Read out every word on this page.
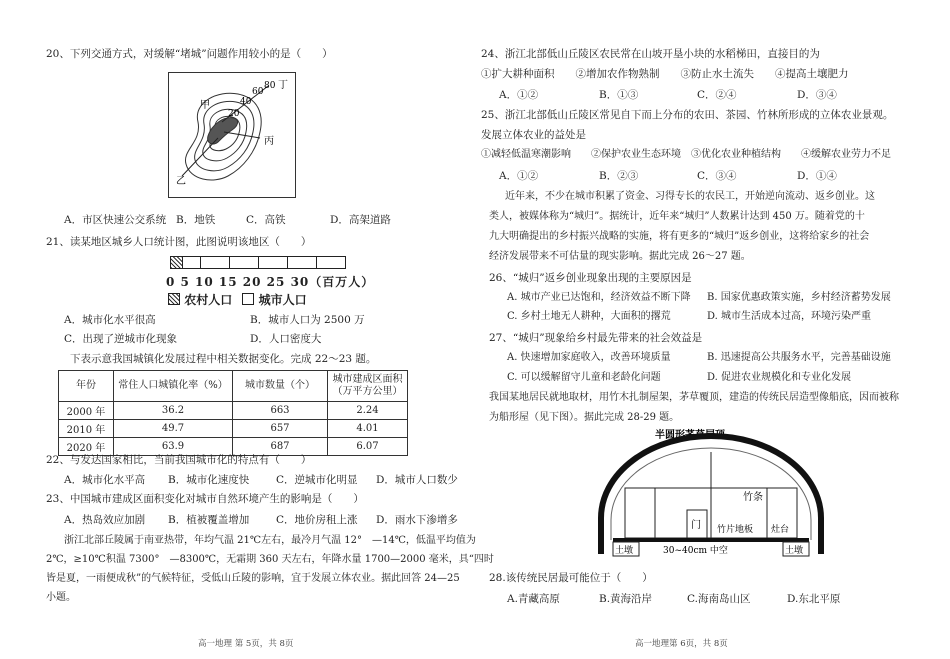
20、下列交通方式，对缓解“堵城”问题作用较小的是（　　）
甲
乙
丙
丁
20
40
60
80
A．市区快速公交系统 B．地铁	C．高铁	D．高架道路
21、读某地区城乡人口统计图，此图说明该地区（　　）
0 5 10 15 20 25 30（百万人）
农村人口 城市人口
A．城市化水平很高	B．城市人口为 2500 万
C．出现了逆城市化现象	D．人口密度大
下表示意我国城镇化发展过程中相关数据变化。完成 22～23 题。
年份	常住人口城镇化率（%）	城市数量（个）	城市建成区面积（万平方公里）
2000 年	36.2	663	2.24
2010 年	49.7	657	4.01
2020 年	63.9	687	6.07
22、与发达国家相比，当前我国城市化的特点有（　　）
A．城市化水平高 B．城市化速度快	C．逆城市化明显 D．城市人口数少
23、中国城市建成区面积变化对城市自然环境产生的影响是（　　）
A．热岛效应加剧 B．植被覆盖增加	C．地价房租上涨 D．雨水下渗增多
浙江北部丘陵属于南亚热带，年均气温 21℃左右，最冷月气温 12°　—14℃，低温平均值为
2℃，≥10℃积温 7300°　—8300℃，无霜期 360 天左右，年降水量 1700—2000 毫米，具“四时
皆是夏，一雨便成秋”的气候特征，受低山丘陵的影响，宜于发展立体农业。据此回答 24—25
小题。
高一地理 第 5页，共 8页
24、浙江北部低山丘陵区农民常在山坡开垦小块的水稻梯田，直接目的为
①扩大耕种面积　　②增加农作物熟制　　③防止水土流失　　④提高土壤肥力
A．①②	B．①③	C．②④	D．③④
25、浙江北部低山丘陵区常见自下而上分布的农田、茶园、竹林所形成的立体农业景观。
发展立体农业的益处是
①减轻低温寒潮影响　　②保护农业生态环境　③优化农业种植结构　　④缓解农业劳力不足
A．①②	B．②③	C．③④	D．①④
近年来，不少在城市积累了资金、习得专长的农民工，开始逆向流动、返乡创业。这
类人，被媒体称为“城归”。据统计，近年来“城归”人数累计达到 450 万。随着党的十
九大明确提出的乡村振兴战略的实施，将有更多的“城归”返乡创业，这将给家乡的社会
经济发展带来不可估量的现实影响。据此完成 26～27 题。
26、“城归”返乡创业现象出现的主要原因是
A. 城市产业已达饱和，经济效益不断下降 B. 国家优惠政策实施，乡村经济蓄势发展
C. 乡村土地无人耕种，大面积的撂荒	D. 城市生活成本过高，环境污染严重
27、“城归”现象给乡村最先带来的社会效益是
A. 快速增加家庭收入，改善环境质量	B. 迅速提高公共服务水平，完善基础设施
C. 可以缓解留守儿童和老龄化问题	D. 促进农业规模化和专业化发展
我国某地居民就地取材，用竹木扎制屋架，茅草覆顶，建造的传统民居造型像船底，因而被称
为船形屋（见下图）。据此完成 28-29 题。
半圆形茅草屋顶
门
竹条
竹片地板 灶台
土墩	土墩
30~40cm 中空
28.该传统民居最可能位于（　　）
A.青藏高原	B.黄海沿岸	C.海南岛山区	D.东北平原
高一地理第 6页，共 8页
